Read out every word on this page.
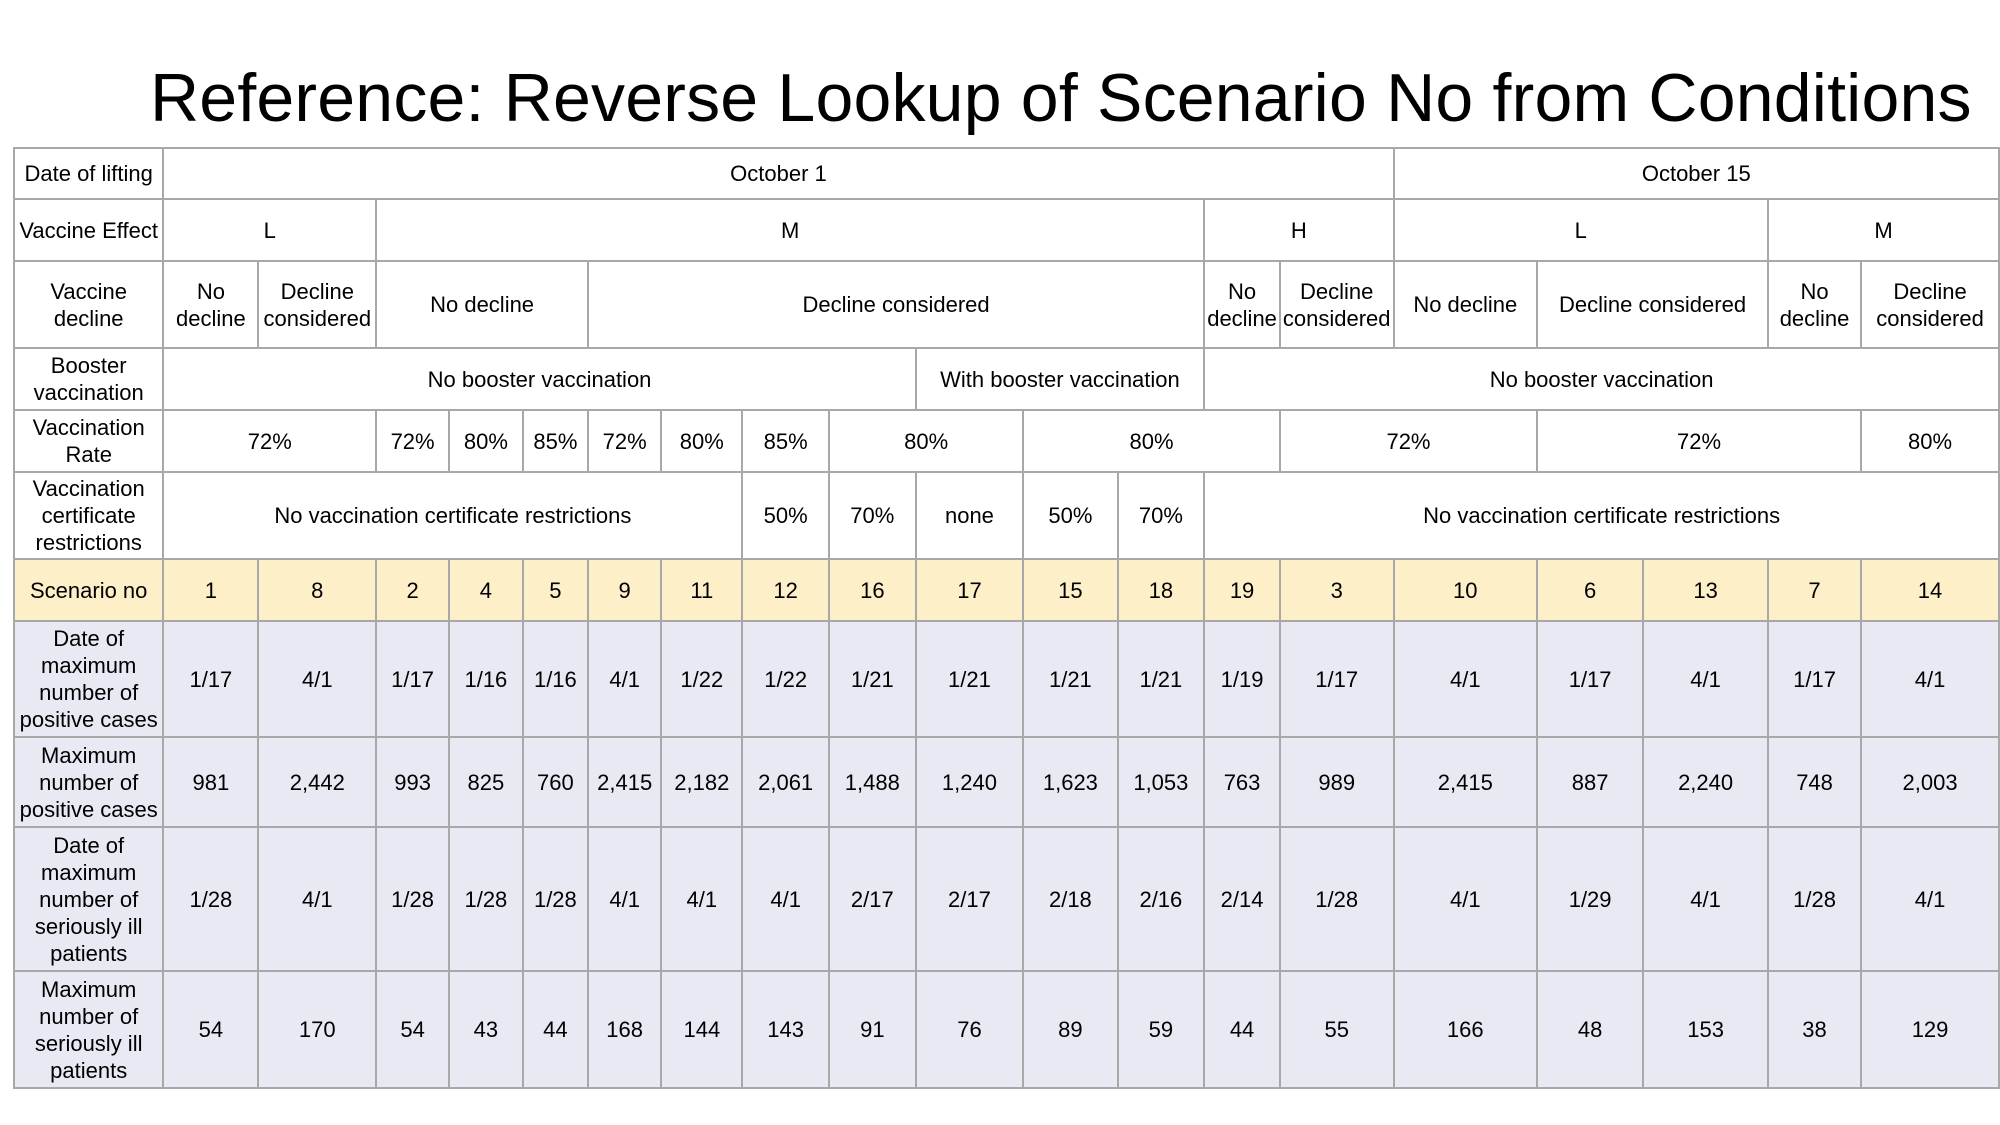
Reference: Reverse Lookup of Scenario No from Conditions
Date of lifting	October 1														October 15				
Vaccine Effect	L		M										H		L			M	
Vaccine decline	No decline	Decline considered	No decline			Decline considered							No decline	Decline considered	No decline	Decline considered		No decline	Decline considered
Booster vaccination	No booster vaccination									With booster vaccination			No booster vaccination						
Vaccination Rate	72%		72%	80%	85%	72%	80%	85%	80%		80%			72%		72%			80%
Vaccination certificate restrictions	No vaccination certificate restrictions							50%	70%	none	50%	70%	No vaccination certificate restrictions						
Scenario no	1	8	2	4	5	9	11	12	16	17	15	18	19	3	10	6	13	7	14
Date of maximum number of positive cases	1/17	4/1	1/17	1/16	1/16	4/1	1/22	1/22	1/21	1/21	1/21	1/21	1/19	1/17	4/1	1/17	4/1	1/17	4/1
Maximum number of positive cases	981	2,442	993	825	760	2,415	2,182	2,061	1,488	1,240	1,623	1,053	763	989	2,415	887	2,240	748	2,003
Date of maximum number of seriously ill patients	1/28	4/1	1/28	1/28	1/28	4/1	4/1	4/1	2/17	2/17	2/18	2/16	2/14	1/28	4/1	1/29	4/1	1/28	4/1
Maximum number of seriously ill patients	54	170	54	43	44	168	144	143	91	76	89	59	44	55	166	48	153	38	129
